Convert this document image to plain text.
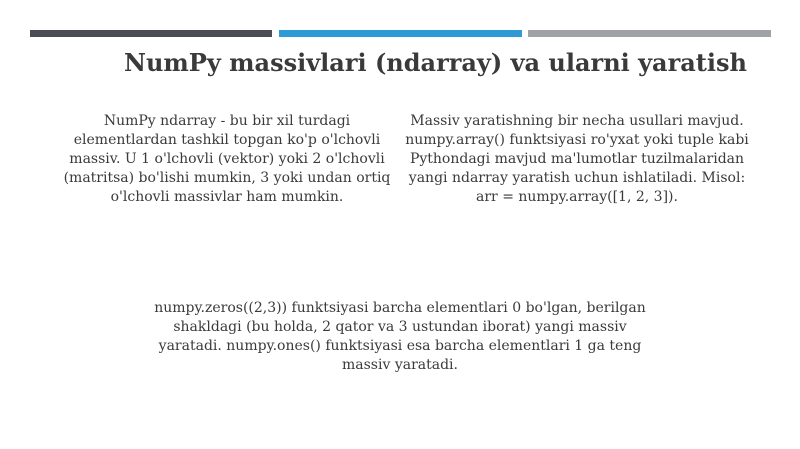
NumPy massivlari (ndarray) va ularni yaratish
NumPy ndarray - bu bir xil turdagi elementlardan tashkil topgan ko'p o'lchovli massiv. U 1 o'lchovli (vektor) yoki 2 o'lchovli (matritsa) bo'lishi mumkin, 3 yoki undan ortiq o'lchovli massivlar ham mumkin.
Massiv yaratishning bir necha usullari mavjud. numpy.array() funktsiyasi ro'yxat yoki tuple kabi Pythondagi mavjud ma'lumotlar tuzilmalaridan yangi ndarray yaratish uchun ishlatiladi. Misol: arr = numpy.array([1, 2, 3]).
numpy.zeros((2,3)) funktsiyasi barcha elementlari 0 bo'lgan, berilgan shakldagi (bu holda, 2 qator va 3 ustundan iborat) yangi massiv yaratadi. numpy.ones() funktsiyasi esa barcha elementlari 1 ga teng massiv yaratadi.
